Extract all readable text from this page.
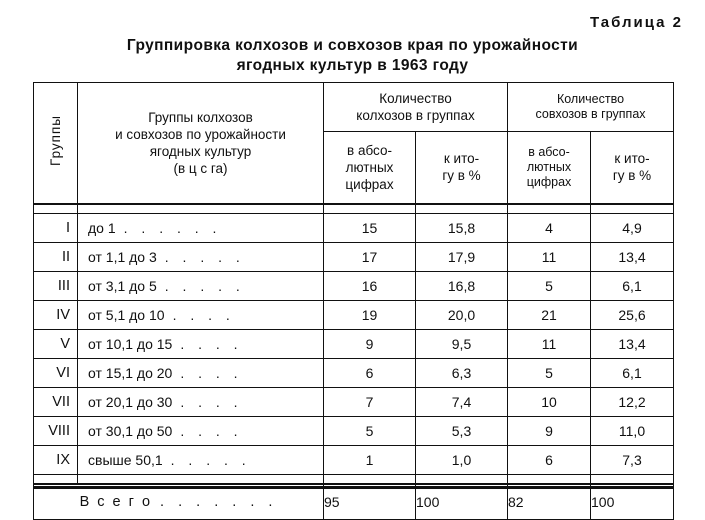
Таблица 2
Группировка колхозов и совхозов края по урожайности
ягодных культур в 1963 году
Группы	Группы колхозов
и совхозов по урожайности
ягодных культур
(в ц с га)

Количество
колхозов в группах

Количество
совхозов в группах

в абсо-
лютных
цифрах

к ито-
гу в %

в абсо-
лютных
цифрах

к ито-
гу в %

I	до 1 . . . . . .	15	15,8	4	4,9
II	от 1,1 до 3 . . . . .	17	17,9	11	13,4
III	от 3,1 до 5 . . . . .	16	16,8	5	6,1
IV	от 5,1 до 10 . . . .	19	20,0	21	25,6
V	от 10,1 до 15 . . . .	9	9,5	11	13,4
VI	от 15,1 до 20 . . . .	6	6,3	5	6,1
VII	от 20,1 до 30 . . . .	7	7,4	10	12,2
VIII	от 30,1 до 50 . . . .	5	5,3	9	11,0
IX	свыше 50,1 . . . . .	1	1,0	6	7,3

В с е г о . . . . . . .		95	100	82	100
